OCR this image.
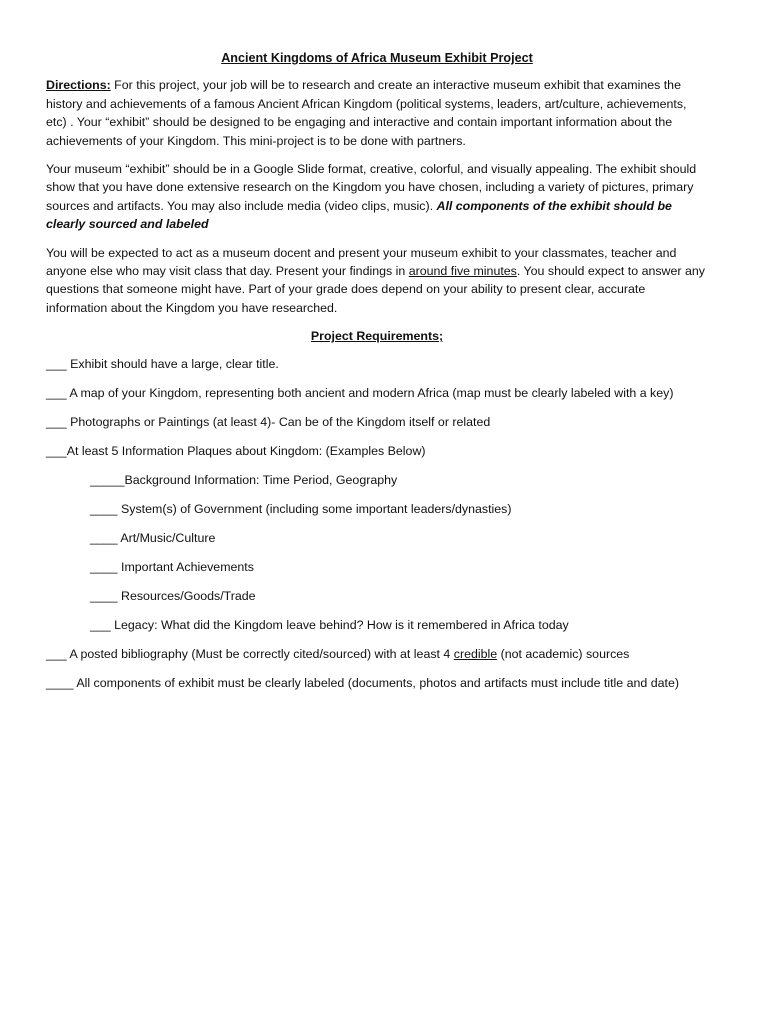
Ancient Kingdoms of Africa Museum Exhibit Project

Directions: For this project, your job will be to research and create an interactive museum exhibit that examines the history and achievements of a famous Ancient African Kingdom (political systems, leaders, art/culture, achievements, etc) . Your “exhibit” should be designed to be engaging and interactive and contain important information about the achievements of your Kingdom. This mini-project is to be done with partners.

Your museum “exhibit” should be in a Google Slide format, creative, colorful, and visually appealing. The exhibit should show that you have done extensive research on the Kingdom you have chosen, including a variety of pictures, primary sources and artifacts. You may also include media (video clips, music). All components of the exhibit should be clearly sourced and labeled

You will be expected to act as a museum docent and present your museum exhibit to your classmates, teacher and anyone else who may visit class that day. Present your findings in around five minutes. You should expect to answer any questions that someone might have. Part of your grade does depend on your ability to present clear, accurate information about the Kingdom you have researched.

Project Requirements;
___ Exhibit should have a large, clear title.
___ A map of your Kingdom, representing both ancient and modern Africa (map must be clearly labeled with a key)
___ Photographs or Paintings (at least 4)- Can be of the Kingdom itself or related
___At least 5 Information Plaques about Kingdom: (Examples Below)
_____Background Information: Time Period, Geography
____ System(s) of Government (including some important leaders/dynasties)
____ Art/Music/Culture
____ Important Achievements
____ Resources/Goods/Trade
___ Legacy: What did the Kingdom leave behind? How is it remembered in Africa today
___ A posted bibliography (Must be correctly cited/sourced) with at least 4 credible (not academic) sources
____ All components of exhibit must be clearly labeled (documents, photos and artifacts must include title and date)
